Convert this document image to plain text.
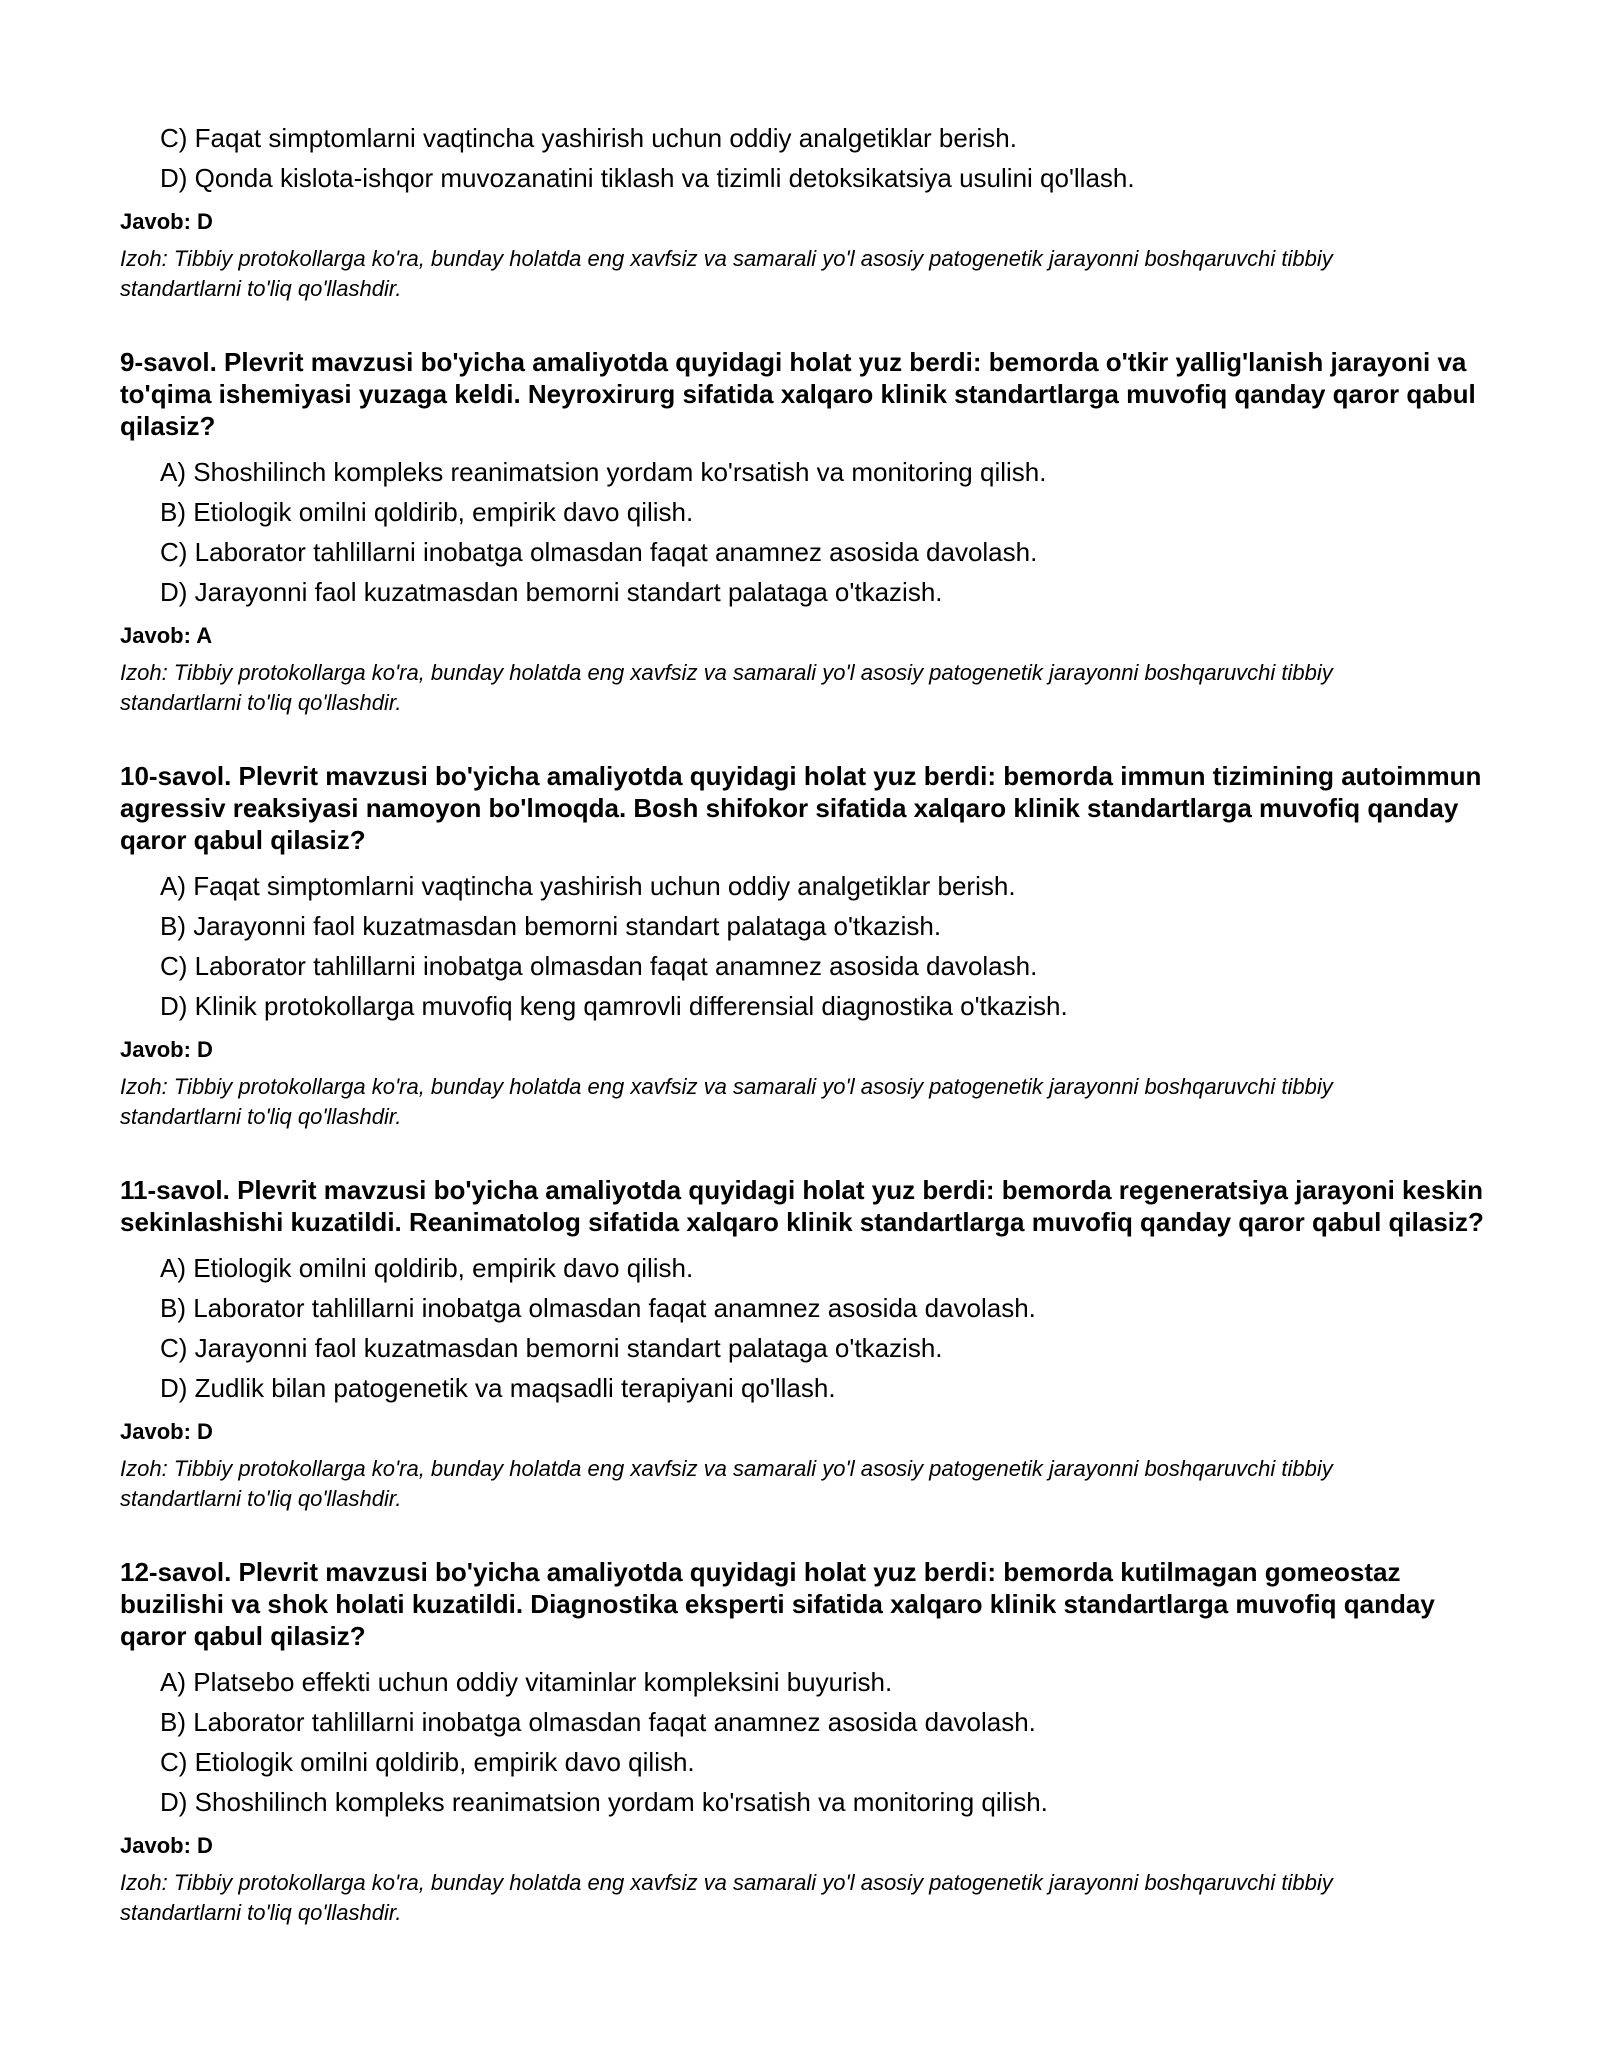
C) Faqat simptomlarni vaqtincha yashirish uchun oddiy analgetiklar berish.
D) Qonda kislota-ishqor muvozanatini tiklash va tizimli detoksikatsiya usulini qo'llash.
Javob: D
Izoh: Tibbiy protokollarga ko'ra, bunday holatda eng xavfsiz va samarali yo'l asosiy patogenetik jarayonni boshqaruvchi tibbiy standartlarni to'liq qo'llashdir.
9-savol. Plevrit mavzusi bo'yicha amaliyotda quyidagi holat yuz berdi: bemorda o'tkir yallig'lanish jarayoni va to'qima ishemiyasi yuzaga keldi. Neyroxirurg sifatida xalqaro klinik standartlarga muvofiq qanday qaror qabul qilasiz?
A) Shoshilinch kompleks reanimatsion yordam ko'rsatish va monitoring qilish.
B) Etiologik omilni qoldirib, empirik davo qilish.
C) Laborator tahlillarni inobatga olmasdan faqat anamnez asosida davolash.
D) Jarayonni faol kuzatmasdan bemorni standart palataga o'tkazish.
Javob: A
Izoh: Tibbiy protokollarga ko'ra, bunday holatda eng xavfsiz va samarali yo'l asosiy patogenetik jarayonni boshqaruvchi tibbiy standartlarni to'liq qo'llashdir.
10-savol. Plevrit mavzusi bo'yicha amaliyotda quyidagi holat yuz berdi: bemorda immun tizimining autoimmun agressiv reaksiyasi namoyon bo'lmoqda. Bosh shifokor sifatida xalqaro klinik standartlarga muvofiq qanday qaror qabul qilasiz?
A) Faqat simptomlarni vaqtincha yashirish uchun oddiy analgetiklar berish.
B) Jarayonni faol kuzatmasdan bemorni standart palataga o'tkazish.
C) Laborator tahlillarni inobatga olmasdan faqat anamnez asosida davolash.
D) Klinik protokollarga muvofiq keng qamrovli differensial diagnostika o'tkazish.
Javob: D
Izoh: Tibbiy protokollarga ko'ra, bunday holatda eng xavfsiz va samarali yo'l asosiy patogenetik jarayonni boshqaruvchi tibbiy standartlarni to'liq qo'llashdir.
11-savol. Plevrit mavzusi bo'yicha amaliyotda quyidagi holat yuz berdi: bemorda regeneratsiya jarayoni keskin sekinlashishi kuzatildi. Reanimatolog sifatida xalqaro klinik standartlarga muvofiq qanday qaror qabul qilasiz?
A) Etiologik omilni qoldirib, empirik davo qilish.
B) Laborator tahlillarni inobatga olmasdan faqat anamnez asosida davolash.
C) Jarayonni faol kuzatmasdan bemorni standart palataga o'tkazish.
D) Zudlik bilan patogenetik va maqsadli terapiyani qo'llash.
Javob: D
Izoh: Tibbiy protokollarga ko'ra, bunday holatda eng xavfsiz va samarali yo'l asosiy patogenetik jarayonni boshqaruvchi tibbiy standartlarni to'liq qo'llashdir.
12-savol. Plevrit mavzusi bo'yicha amaliyotda quyidagi holat yuz berdi: bemorda kutilmagan gomeostaz buzilishi va shok holati kuzatildi. Diagnostika eksperti sifatida xalqaro klinik standartlarga muvofiq qanday qaror qabul qilasiz?
A) Platsebo effekti uchun oddiy vitaminlar kompleksini buyurish.
B) Laborator tahlillarni inobatga olmasdan faqat anamnez asosida davolash.
C) Etiologik omilni qoldirib, empirik davo qilish.
D) Shoshilinch kompleks reanimatsion yordam ko'rsatish va monitoring qilish.
Javob: D
Izoh: Tibbiy protokollarga ko'ra, bunday holatda eng xavfsiz va samarali yo'l asosiy patogenetik jarayonni boshqaruvchi tibbiy standartlarni to'liq qo'llashdir.
